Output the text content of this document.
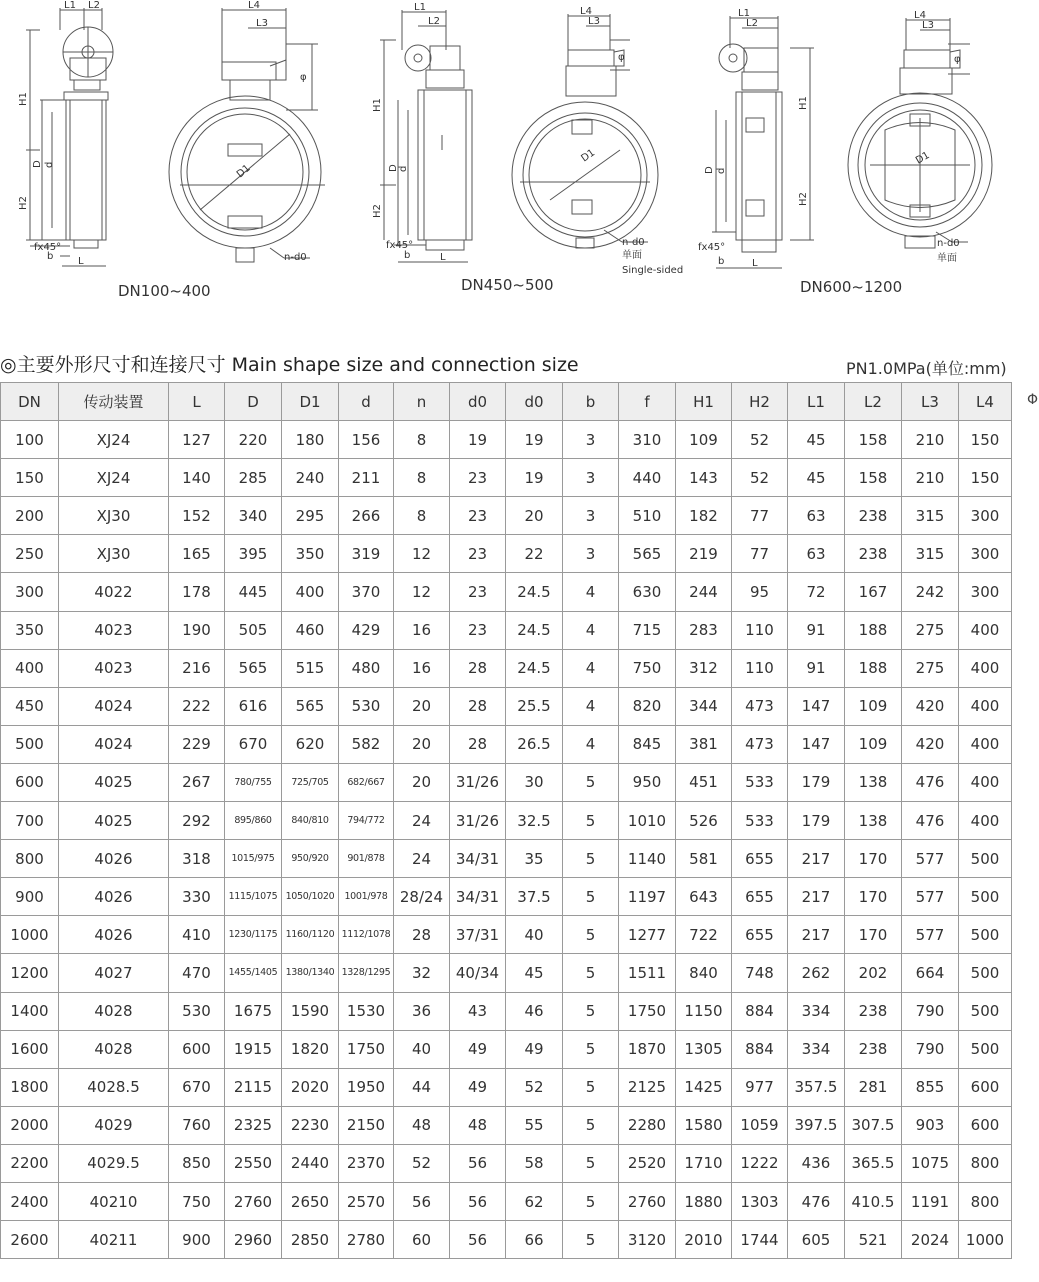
L1 L2	L4
L3
φ
H1
H2
D d	D1
fx45°
b L	n-d0
L1
L2
L4
L3
φ
H1
H2
D d
D1
fx45°
b	L
n-d0
单面
Single-sided
L1
L2
L4
L3
φ
H1
H2
D d
D1
fx45°
b	L
n-d0
单面
DN100~400	DN450~500	DN600~1200
◎主要外形尺寸和连接尺寸 Main shape size and connection size	PN1.0MPa(单位:mm)
Φ
DN	传动装置	L	D	D1	d	n	d0	d0	b	f	H1	H2	L1	L2	L3	L4
100	XJ24	127	220	180	156	8	19	19	3	310	109	52	45	158	210	150
150	XJ24	140	285	240	211	8	23	19	3	440	143	52	45	158	210	150
200	XJ30	152	340	295	266	8	23	20	3	510	182	77	63	238	315	300
250	XJ30	165	395	350	319	12	23	22	3	565	219	77	63	238	315	300
300	4022	178	445	400	370	12	23	24.5	4	630	244	95	72	167	242	300
350	4023	190	505	460	429	16	23	24.5	4	715	283	110	91	188	275	400
400	4023	216	565	515	480	16	28	24.5	4	750	312	110	91	188	275	400
450	4024	222	616	565	530	20	28	25.5	4	820	344	473	147	109	420	400
500	4024	229	670	620	582	20	28	26.5	4	845	381	473	147	109	420	400
600	4025	267	780/755	725/705	682/667	20	31/26	30	5	950	451	533	179	138	476	400
700	4025	292	895/860	840/810	794/772	24	31/26	32.5	5	1010	526	533	179	138	476	400
800	4026	318	1015/975	950/920	901/878	24	34/31	35	5	1140	581	655	217	170	577	500
900	4026	330	1115/1075	1050/1020	1001/978	28/24	34/31	37.5	5	1197	643	655	217	170	577	500
1000	4026	410	1230/1175	1160/1120	1112/1078	28	37/31	40	5	1277	722	655	217	170	577	500
1200	4027	470	1455/1405	1380/1340	1328/1295	32	40/34	45	5	1511	840	748	262	202	664	500
1400	4028	530	1675	1590	1530	36	43	46	5	1750	1150	884	334	238	790	500
1600	4028	600	1915	1820	1750	40	49	49	5	1870	1305	884	334	238	790	500
1800	4028.5	670	2115	2020	1950	44	49	52	5	2125	1425	977	357.5	281	855	600
2000	4029	760	2325	2230	2150	48	48	55	5	2280	1580	1059	397.5	307.5	903	600
2200	4029.5	850	2550	2440	2370	52	56	58	5	2520	1710	1222	436	365.5	1075	800
2400	40210	750	2760	2650	2570	56	56	62	5	2760	1880	1303	476	410.5	1191	800
2600	40211	900	2960	2850	2780	60	56	66	5	3120	2010	1744	605	521	2024	1000
